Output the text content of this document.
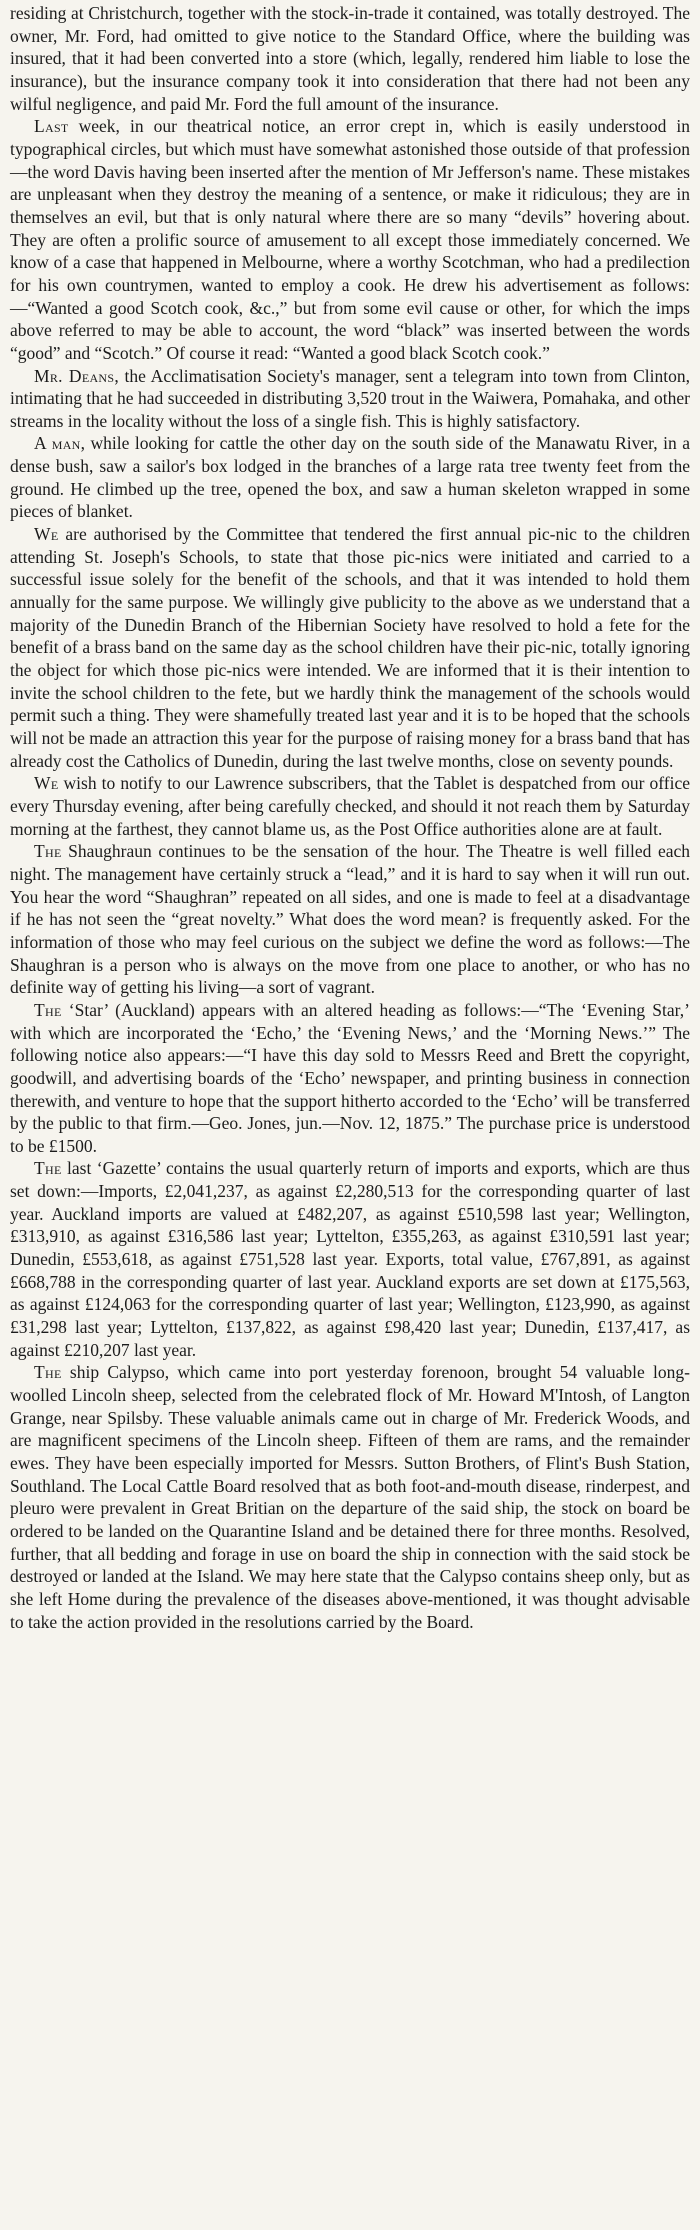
residing at Christchurch, together with the stock-in-trade it contained, was totally destroyed. The owner, Mr. Ford, had omitted to give notice to the Standard Office, where the building was insured, that it had been converted into a store (which, legally, rendered him liable to lose the insurance), but the insurance company took it into consideration that there had not been any wilful negligence, and paid Mr. Ford the full amount of the insurance.

Last week, in our theatrical notice, an error crept in, which is easily understood in typographical circles, but which must have somewhat astonished those outside of that profession—the word Davis having been inserted after the mention of Mr Jefferson's name. These mistakes are unpleasant when they destroy the meaning of a sentence, or make it ridiculous; they are in themselves an evil, but that is only natural where there are so many “devils” hovering about. They are often a prolific source of amusement to all except those immediately concerned. We know of a case that happened in Melbourne, where a worthy Scotchman, who had a predilection for his own countrymen, wanted to employ a cook. He drew his advertisement as follows:—“Wanted a good Scotch cook, &c.,” but from some evil cause or other, for which the imps above referred to may be able to account, the word “black” was inserted between the words “good” and “Scotch.” Of course it read: “Wanted a good black Scotch cook.”

Mr. Deans, the Acclimatisation Society's manager, sent a telegram into town from Clinton, intimating that he had succeeded in distributing 3,520 trout in the Waiwera, Pomahaka, and other streams in the locality without the loss of a single fish. This is highly satisfactory.

A man, while looking for cattle the other day on the south side of the Manawatu River, in a dense bush, saw a sailor's box lodged in the branches of a large rata tree twenty feet from the ground. He climbed up the tree, opened the box, and saw a human skeleton wrapped in some pieces of blanket.

We are authorised by the Committee that tendered the first annual pic-nic to the children attending St. Joseph's Schools, to state that those pic-nics were initiated and carried to a successful issue solely for the benefit of the schools, and that it was intended to hold them annually for the same purpose. We willingly give publicity to the above as we understand that a majority of the Dunedin Branch of the Hibernian Society have resolved to hold a fete for the benefit of a brass band on the same day as the school children have their pic-nic, totally ignoring the object for which those pic-nics were intended. We are informed that it is their intention to invite the school children to the fete, but we hardly think the management of the schools would permit such a thing. They were shamefully treated last year and it is to be hoped that the schools will not be made an attraction this year for the purpose of raising money for a brass band that has already cost the Catholics of Dunedin, during the last twelve months, close on seventy pounds.

We wish to notify to our Lawrence subscribers, that the Tablet is despatched from our office every Thursday evening, after being carefully checked, and should it not reach them by Saturday morning at the farthest, they cannot blame us, as the Post Office authorities alone are at fault.

The Shaughraun continues to be the sensation of the hour. The Theatre is well filled each night. The management have certainly struck a “lead,” and it is hard to say when it will run out. You hear the word “Shaughran” repeated on all sides, and one is made to feel at a disadvantage if he has not seen the “great novelty.” What does the word mean? is frequently asked. For the information of those who may feel curious on the subject we define the word as follows:—The Shaughran is a person who is always on the move from one place to another, or who has no definite way of getting his living—a sort of vagrant.

The ‘Star’ (Auckland) appears with an altered heading as follows:—“The ‘Evening Star,’ with which are incorporated the ‘Echo,’ the ‘Evening News,’ and the ‘Morning News.’” The following notice also appears:—“I have this day sold to Messrs Reed and Brett the copyright, goodwill, and advertising boards of the ‘Echo’ newspaper, and printing business in connection therewith, and venture to hope that the support hitherto accorded to the ‘Echo’ will be transferred by the public to that firm.—Geo. Jones, jun.—Nov. 12, 1875.” The purchase price is understood to be £1500.

The last ‘Gazette’ contains the usual quarterly return of imports and exports, which are thus set down:—Imports, £2,041,237, as against £2,280,513 for the corresponding quarter of last year. Auckland imports are valued at £482,207, as against £510,598 last year; Wellington, £313,910, as against £316,586 last year; Lyttelton, £355,263, as against £310,591 last year; Dunedin, £553,618, as against £751,528 last year. Exports, total value, £767,891, as against £668,788 in the corresponding quarter of last year. Auckland exports are set down at £175,563, as against £124,063 for the corresponding quarter of last year; Wellington, £123,990, as against £31,298 last year; Lyttelton, £137,822, as against £98,420 last year; Dunedin, £137,417, as against £210,207 last year.

The ship Calypso, which came into port yesterday forenoon, brought 54 valuable long-woolled Lincoln sheep, selected from the celebrated flock of Mr. Howard M'Intosh, of Langton Grange, near Spilsby. These valuable animals came out in charge of Mr. Frederick Woods, and are magnificent specimens of the Lincoln sheep. Fifteen of them are rams, and the remainder ewes. They have been especially imported for Messrs. Sutton Brothers, of Flint's Bush Station, Southland. The Local Cattle Board resolved that as both foot-and-mouth disease, rinderpest, and pleuro were prevalent in Great Britian on the departure of the said ship, the stock on board be ordered to be landed on the Quarantine Island and be detained there for three months. Resolved, further, that all bedding and forage in use on board the ship in connection with the said stock be destroyed or landed at the Island. We may here state that the Calypso contains sheep only, but as she left Home during the prevalence of the diseases above-mentioned, it was thought advisable to take the action provided in the resolutions carried by the Board.
